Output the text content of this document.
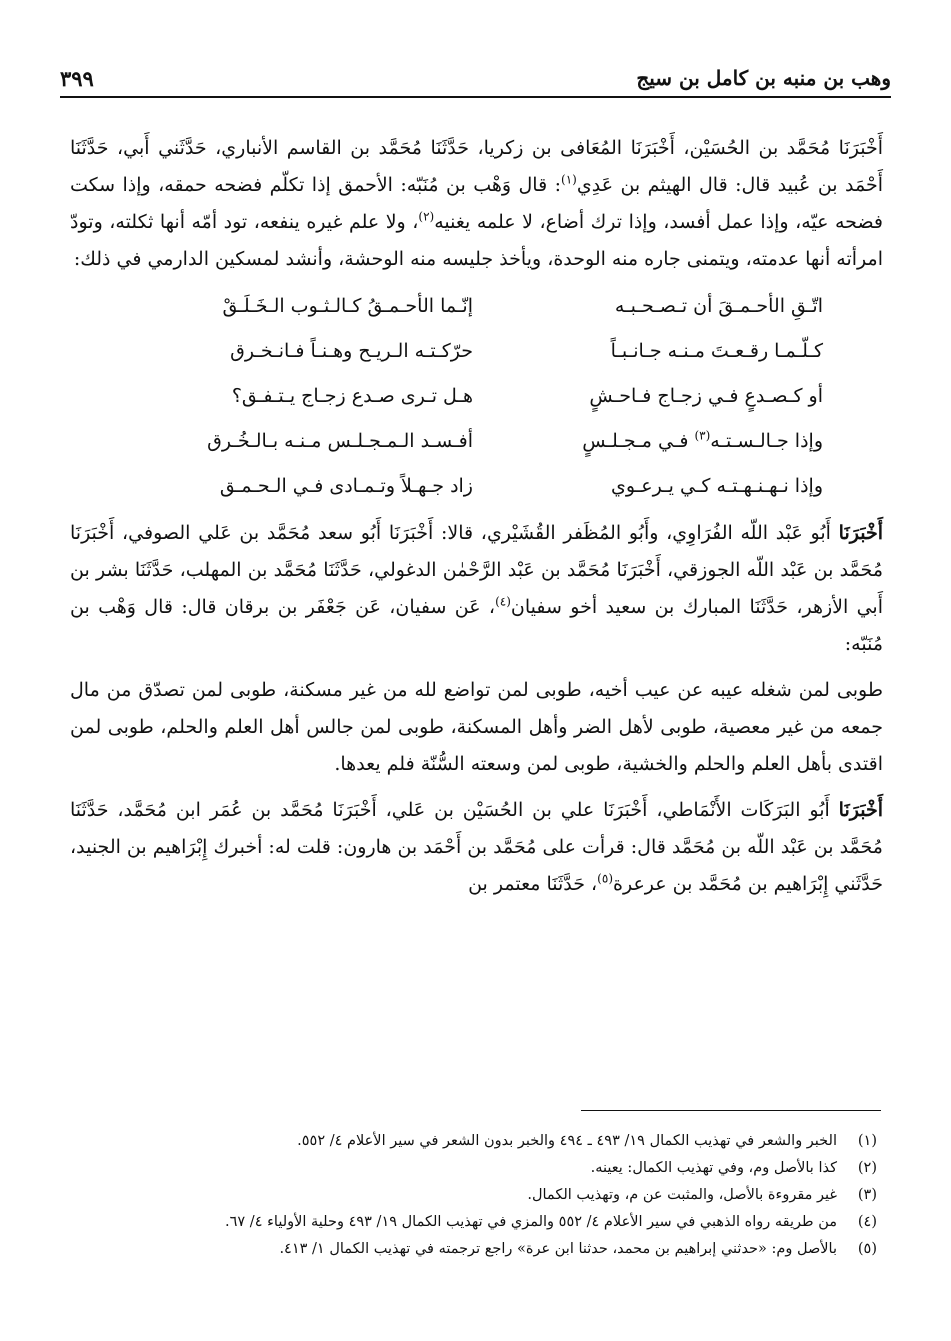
وهب بن منبه بن كامل بن سيج
٣٩٩

أَخْبَرَنَا مُحَمَّد بن الحُسَيْن، أَخْبَرَنَا المُعَافى بن زكريا، حَدَّثَنَا مُحَمَّد بن القاسم الأنباري، حَدَّثَني أَبي، حَدَّثَنَا أَحْمَد بن عُبيد قال: قال الهيثم بن عَدِي$^{(١)}$: قال وَهْب بن مُنَبّه: الأحمق إذا تكلّم فضحه حمقه، وإذا سكت فضحه عيّه، وإذا عمل أفسد، وإذا ترك أضاع، لا علمه يغنيه$^{(٢)}$، ولا علم غيره ينفعه، تود أمّه أنها ثكلته، وتودّ امرأته أنها عدمته، ويتمنى جاره منه الوحدة، ويأخذ جليسه منه الوحشة، وأنشد لمسكين الدارمي في ذلك:

اتّـقِ الأحـمـقَ أن تـصـحـبـه
إنّـما الأحـمـقُ كـالـثـوب الـخَـلَـقْ
كـلّـمـا رقـعـتَ مـنـه جـانـبـاً
حرّكـتـه الـريـح وهـنـاً فـانـخـرق
أو كـصـدعٍ فـي زجـاج فـاحـشٍ
هـل تـرى صـدع زجـاج يـتـفـق؟
وإذا جـالـسـتـه$^{(٣)}$ فـي مـجـلـسٍ
أفـسـد الـمـجـلـس مـنـه بـالـخُـرق
وإذا نـهـنـهـتـه كـي يـرعـوي
زاد جـهـلاً وتـمـادى فـي الـحـمـق

أَخْبَرَنَا أَبُو عَبْد اللّه الفُرَاوِي، وأَبُو المُظَفر القُشَيْري، قالا: أَخْبَرَنَا أَبُو سعد مُحَمَّد بن عَلي الصوفي، أَخْبَرَنَا مُحَمَّد بن عَبْد اللّه الجوزقي، أَخْبَرَنَا مُحَمَّد بن عَبْد الرَّحْمٰن الدغولي، حَدَّثَنَا مُحَمَّد بن المهلب، حَدَّثَنَا بشر بن أَبي الأزهر، حَدَّثَنَا المبارك بن سعيد أخو سفيان$^{(٤)}$، عَن سفيان، عَن جَعْفَر بن برقان قال: قال وَهْب بن مُنَبّه:

طوبى لمن شغله عيبه عن عيب أخيه، طوبى لمن تواضع لله من غير مسكنة، طوبى لمن تصدّق من مال جمعه من غير معصية، طوبى لأهل الضر وأهل المسكنة، طوبى لمن جالس أهل العلم والحلم، طوبى لمن اقتدى بأهل العلم والحلم والخشية، طوبى لمن وسعته السُّنّة فلم يعدها.

أَخْبَرَنَا أَبُو البَرَكَات الأَنْمَاطي، أَخْبَرَنَا علي بن الحُسَيْن بن عَلي، أَخْبَرَنَا مُحَمَّد بن عُمَر ابن مُحَمَّد، حَدَّثَنَا مُحَمَّد بن عَبْد اللّه بن مُحَمَّد قال: قرأت على مُحَمَّد بن أَحْمَد بن هارون: قلت له: أخبرك إِبْرَاهيم بن الجنيد، حَدَّثَني إِبْرَاهيم بن مُحَمَّد بن عرعرة$^{(٥)}$، حَدَّثَنَا معتمر بن

(١)
الخبر والشعر في تهذيب الكمال ١٩/ ٤٩٣ ـ ٤٩٤ والخبر بدون الشعر في سير الأعلام ٤/ ٥٥٢.
(٢)
كذا بالأصل وم، وفي تهذيب الكمال: يعينه.
(٣)
غير مقروءة بالأصل، والمثبت عن م، وتهذيب الكمال.
(٤)
من طريقه رواه الذهبي في سير الأعلام ٤/ ٥٥٢ والمزي في تهذيب الكمال ١٩/ ٤٩٣ وحلية الأولياء ٤/ ٦٧.
(٥)
بالأصل وم: «حدثني إبراهيم بن محمد، حدثنا ابن عرة» راجع ترجمته في تهذيب الكمال ١/ ٤١٣.
